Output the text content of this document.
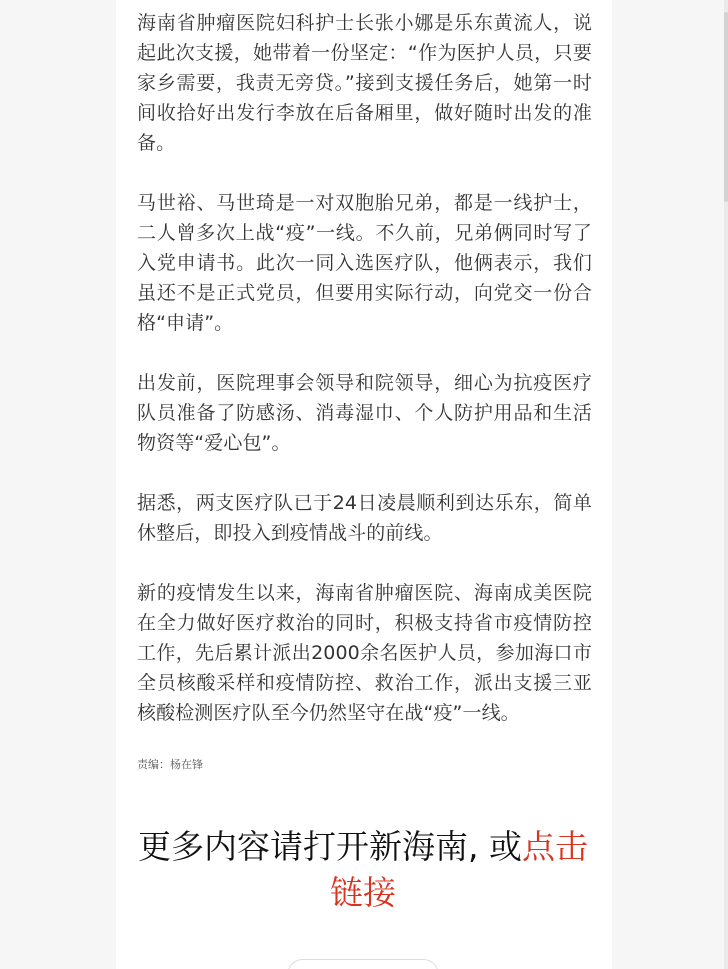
海南省肿瘤医院妇科护士长张小娜是乐东黄流人，说起此次支援，她带着一份坚定：“作为医护人员，只要家乡需要，我责无旁贷。”接到支援任务后，她第一时间收拾好出发行李放在后备厢里，做好随时出发的准备。

马世裕、马世琦是一对双胞胎兄弟，都是一线护士，二人曾多次上战“疫”一线。不久前，兄弟俩同时写了入党申请书。此次一同入选医疗队，他俩表示，我们虽还不是正式党员，但要用实际行动，向党交一份合格“申请”。

出发前，医院理事会领导和院领导，细心为抗疫医疗队员准备了防感汤、消毒湿巾、个人防护用品和生活物资等“爱心包”。

据悉，两支医疗队已于24日凌晨顺利到达乐东，简单休整后，即投入到疫情战斗的前线。

新的疫情发生以来，海南省肿瘤医院、海南成美医院在全力做好医疗救治的同时，积极支持省市疫情防控工作，先后累计派出2000余名医护人员，参加海口市全员核酸采样和疫情防控、救治工作，派出支援三亚核酸检测医疗队至今仍然坚守在战“疫”一线。

责编：杨在锋
更多内容请打开新海南, 或点击链接
